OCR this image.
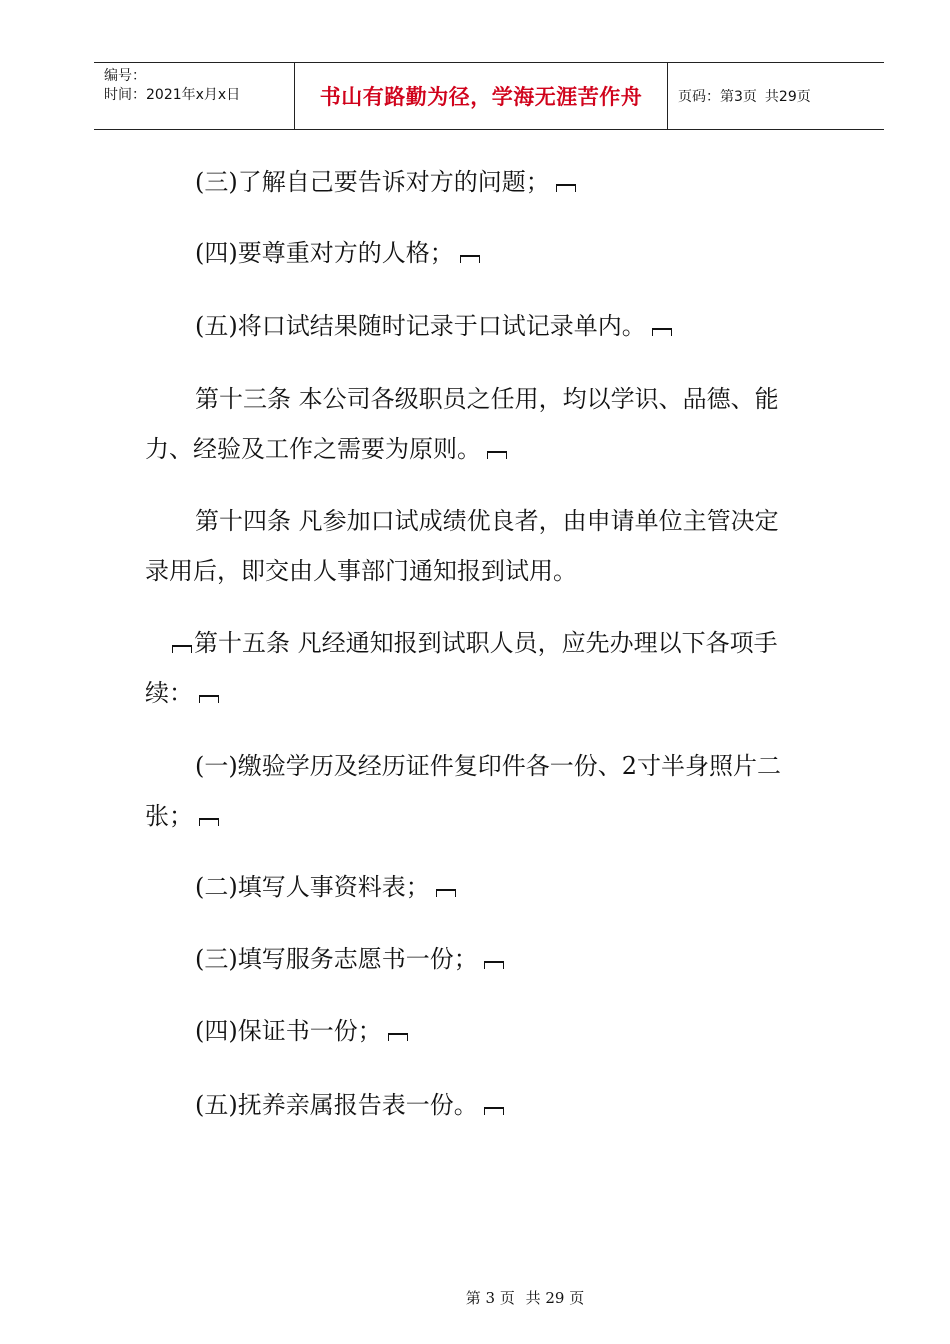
编号：
时间：2021年x月x日	书山有路勤为径，学海无涯苦作舟	页码：第3页 共29页
(三)了解自己要告诉对方的问题；
(四)要尊重对方的人格；
(五)将口试结果随时记录于口试记录单内。
第十三条 本公司各级职员之任用，均以学识、品德、能
力、经验及工作之需要为原则。
第十四条 凡参加口试成绩优良者，由申请单位主管决定
录用后，即交由人事部门通知报到试用。
第十五条 凡经通知报到试职人员，应先办理以下各项手
续：
(一)缴验学历及经历证件复印件各一份、2寸半身照片二
张；
(二)填写人事资料表；
(三)填写服务志愿书一份；
(四)保证书一份；
(五)抚养亲属报告表一份。
第 3 页 共 29 页
